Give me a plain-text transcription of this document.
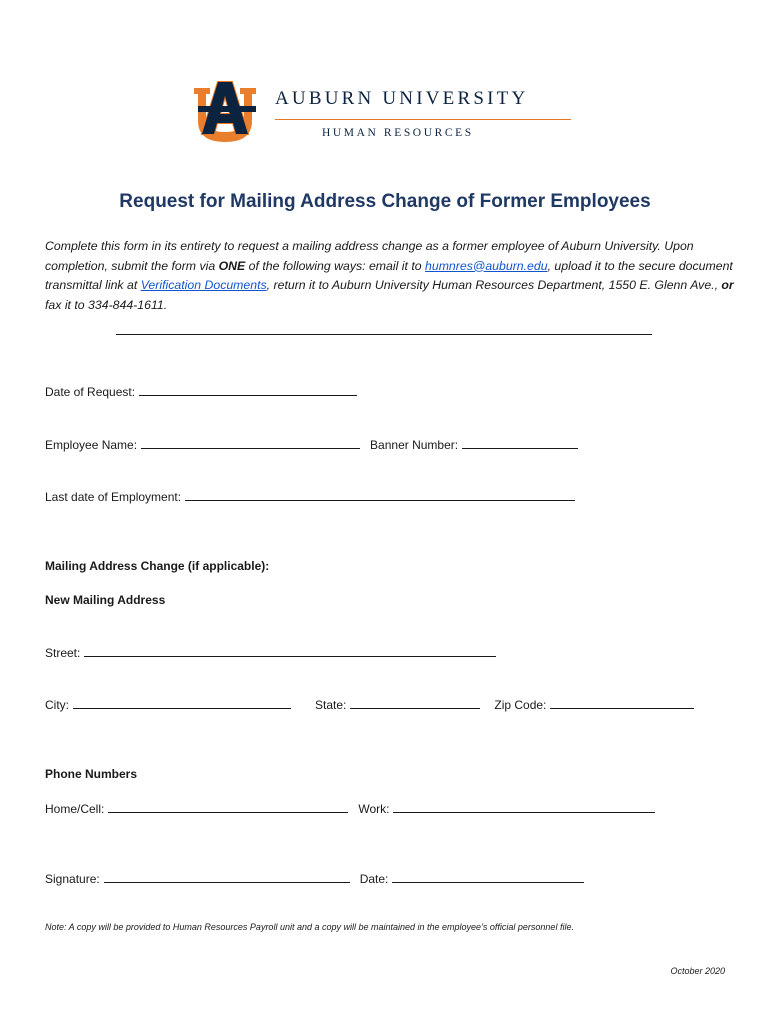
AUBURN UNIVERSITY
HUMAN RESOURCES
Request for Mailing Address Change of Former Employees

Complete this form in its entirety to request a mailing address change as a former employee of Auburn University. Upon completion, submit the form via ONE of the following ways: email it to humnres@auburn.edu, upload it to the secure document transmittal link at Verification Documents, return it to Auburn University Human Resources Department, 1550 E. Glenn Ave., or fax it to 334-844-1611.

Date of Request:
Employee Name:	Banner Number:
Last date of Employment:
Mailing Address Change (if applicable):
New Mailing Address
Street:
City:	State:	Zip Code:
Phone Numbers
Home/Cell:	Work:
Signature:	Date:

Note: A copy will be provided to Human Resources Payroll unit and a copy will be maintained in the employee’s official personnel file.

October 2020
